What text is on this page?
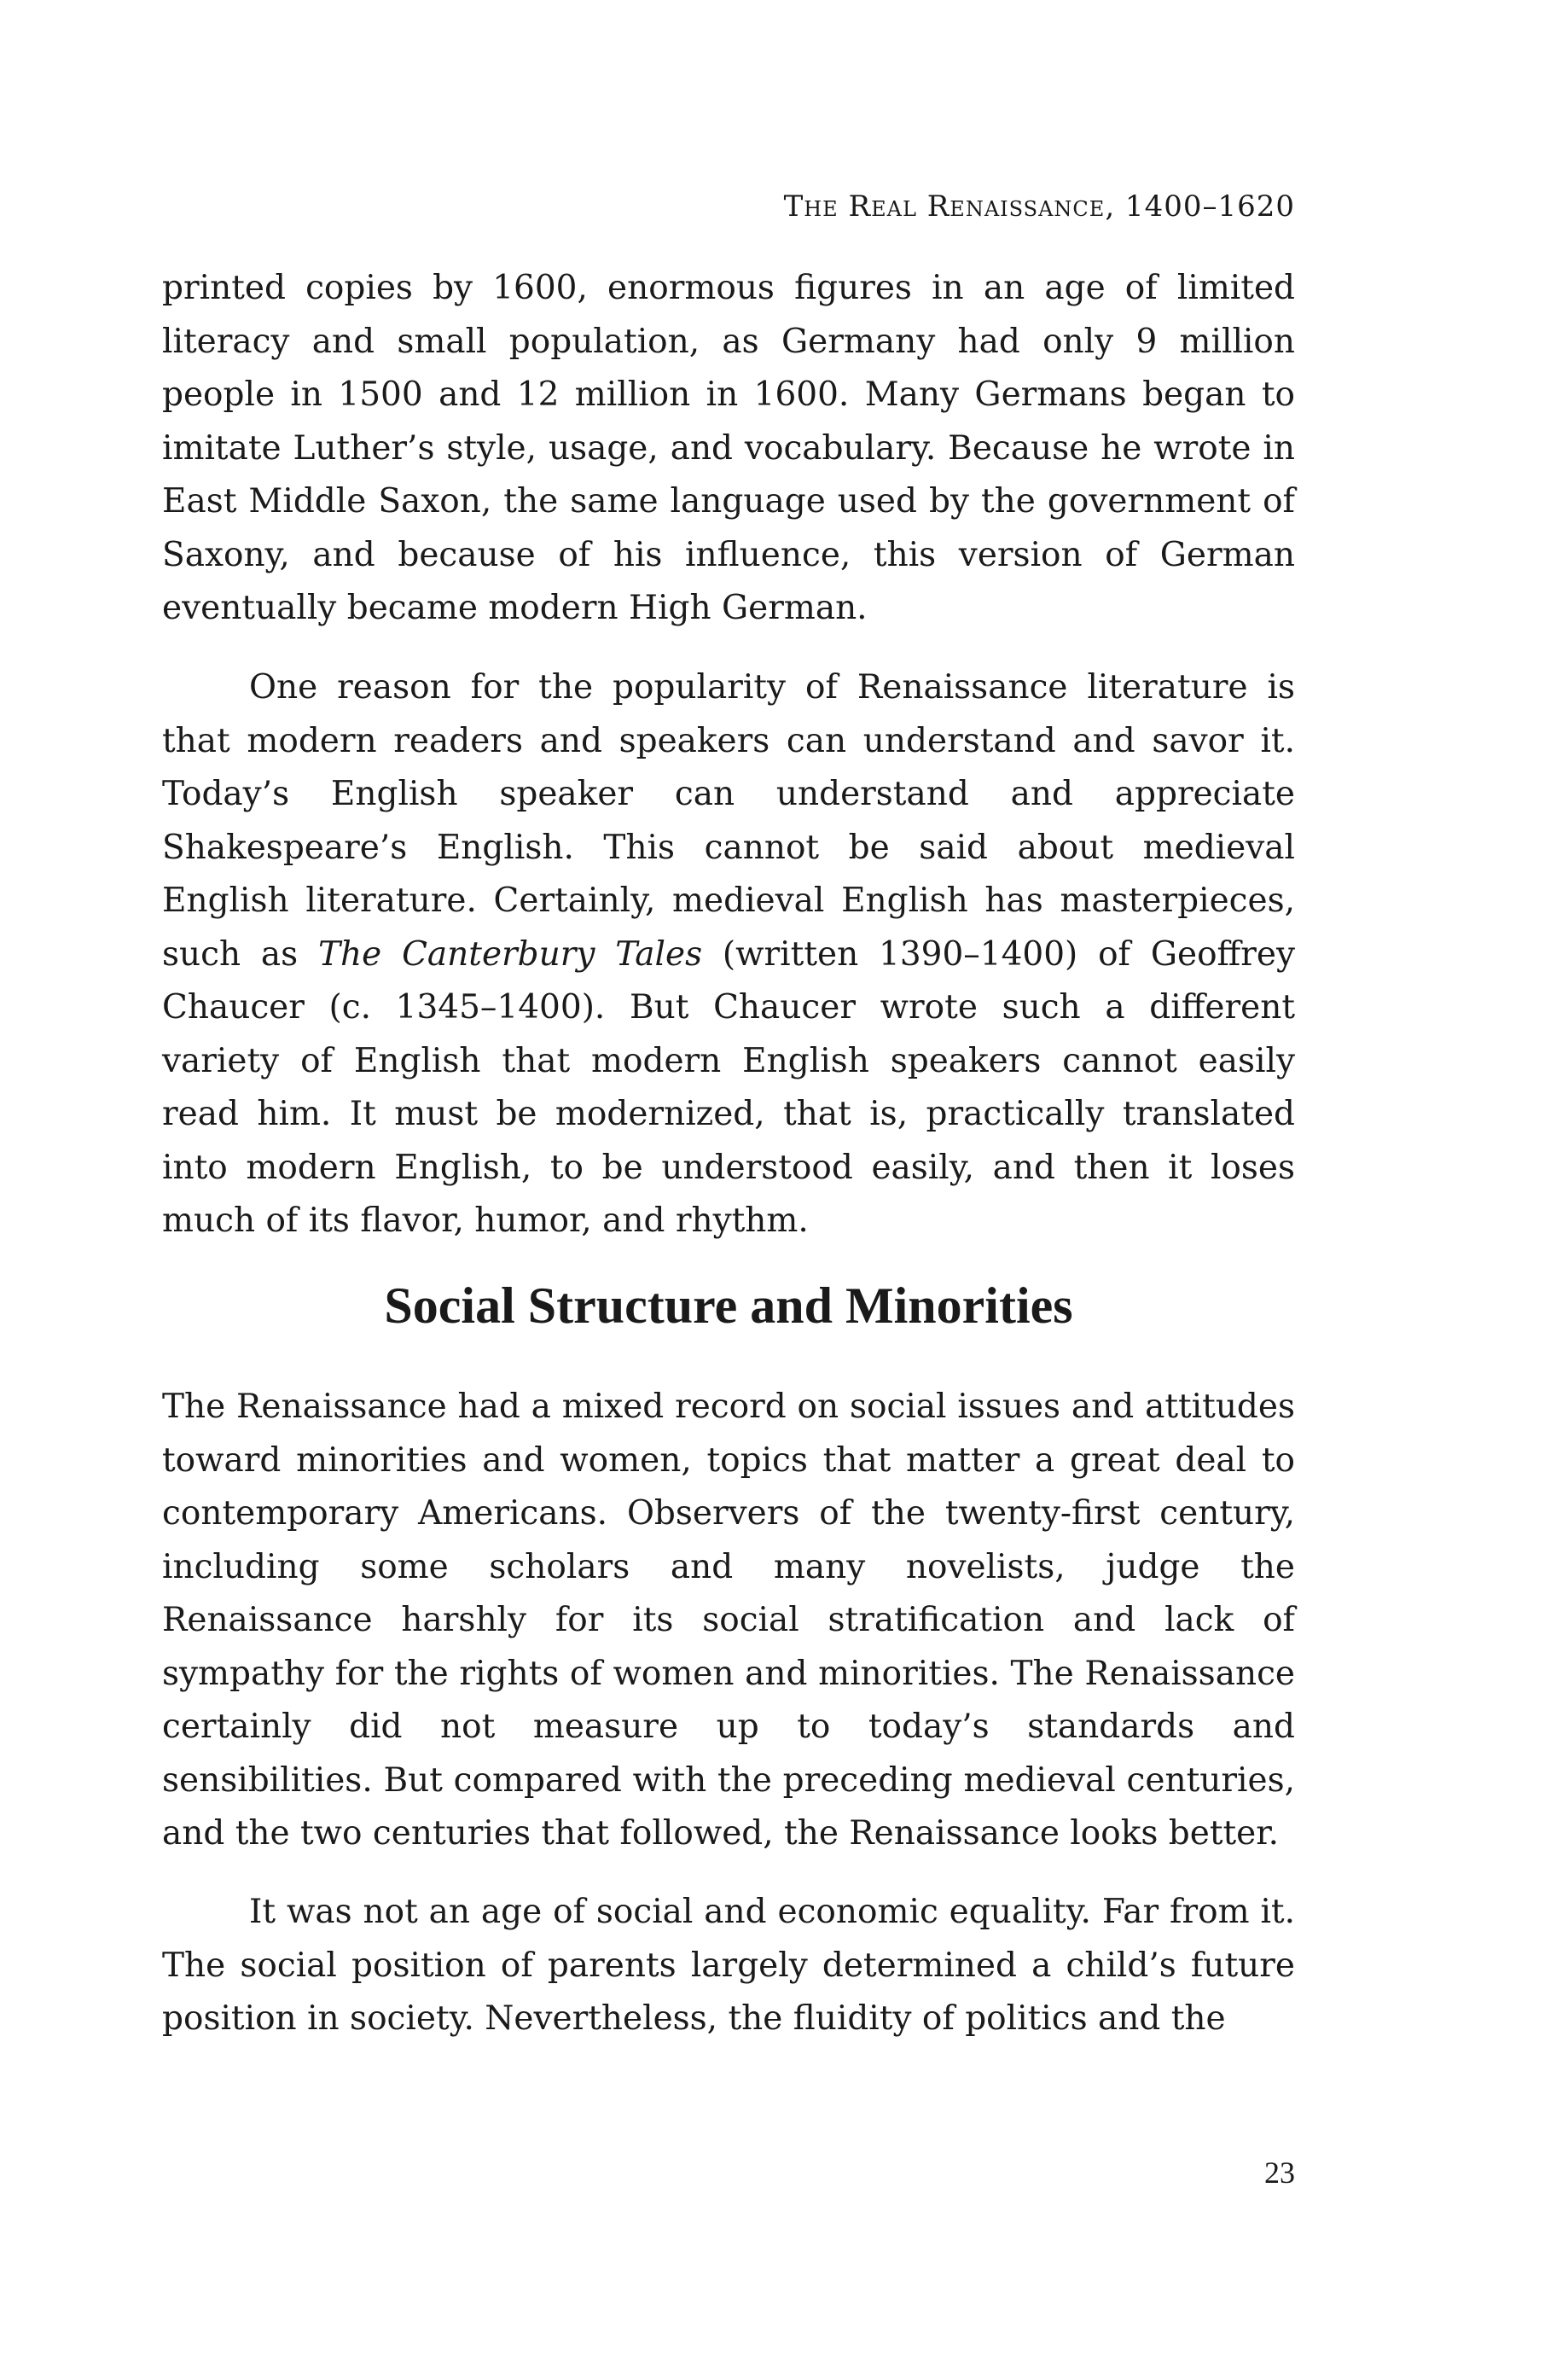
The Real Renaissance, 1400–1620

printed copies by 1600, enormous figures in an age of limited literacy and small population, as Germany had only 9 million people in 1500 and 12 million in 1600. Many Germans began to imitate Luther’s style, usage, and vocabulary. Because he wrote in East Middle Saxon, the same language used by the government of Saxony, and because of his influence, this version of German eventually became modern High German.

One reason for the popularity of Renaissance literature is that modern readers and speakers can understand and savor it. Today’s English speaker can understand and appreciate Shakespeare’s English. This cannot be said about medieval English literature. Certainly, medieval English has masterpieces, such as The Canterbury Tales (written 1390–1400) of Geoffrey Chaucer (c. 1345–1400). But Chaucer wrote such a different variety of English that modern English speakers cannot easily read him. It must be modernized, that is, practically translated into modern English, to be understood easily, and then it loses much of its flavor, humor, and rhythm.

Social Structure and Minorities

The Renaissance had a mixed record on social issues and attitudes toward minorities and women, topics that matter a great deal to contemporary Americans. Observers of the twenty-first century, including some scholars and many novelists, judge the Renaissance harshly for its social stratification and lack of sympathy for the rights of women and minorities. The Renaissance certainly did not measure up to today’s standards and sensibilities. But compared with the preceding medieval centuries, and the two centuries that followed, the Renaissance looks better.

It was not an age of social and economic equality. Far from it. The social position of parents largely determined a child’s future position in society. Nevertheless, the fluidity of politics and the

23
